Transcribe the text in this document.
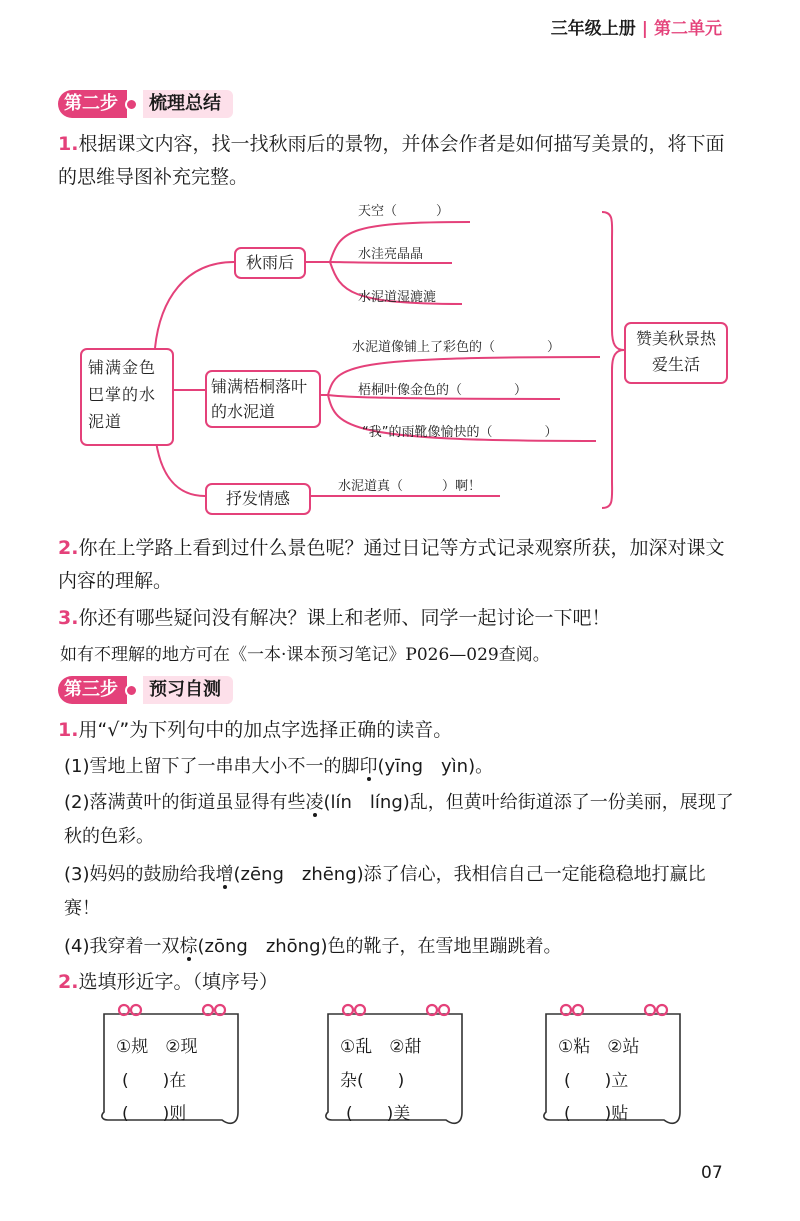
三年级上册 | 第二单元
第二步	梳理总结
1.根据课文内容，找一找秋雨后的景物，并体会作者是如何描写美景的，将下面的思维导图补充完整。
铺满金色巴掌的水泥道
秋雨后
铺满梧桐落叶的水泥道
抒发情感
天空（　　　）
水洼亮晶晶
水泥道湿漉漉
水泥道像铺上了彩色的（　　　　）
梧桐叶像金色的（　　　　）
“我”的雨靴像愉快的（　　　　）
水泥道真（　　　）啊！
赞美秋景热爱生活
2.你在上学路上看到过什么景色呢？通过日记等方式记录观察所获，加深对课文内容的理解。
3.你还有哪些疑问没有解决？课上和老师、同学一起讨论一下吧！
如有不理解的地方可在《一本·课本预习笔记》P026—029查阅。
第三步	预习自测
1.用“√”为下列句中的加点字选择正确的读音。
(1)雪地上留下了一串串大小不一的脚印(yīng　yìn)。
(2)落满黄叶的街道虽显得有些凌(lín　líng)乱，但黄叶给街道添了一份美丽，展现了秋的色彩。
(3)妈妈的鼓励给我增(zēng　zhēng)添了信心，我相信自己一定能稳稳地打赢比赛！
(4)我穿着一双棕(zōng　zhōng)色的靴子，在雪地里蹦跳着。
2.选填形近字。（填序号）
①规　②现
(　　)在
(　　)则
①乱　②甜
杂(　　)
(　　)美
①粘　②站
(　　)立
(　　)贴
07
